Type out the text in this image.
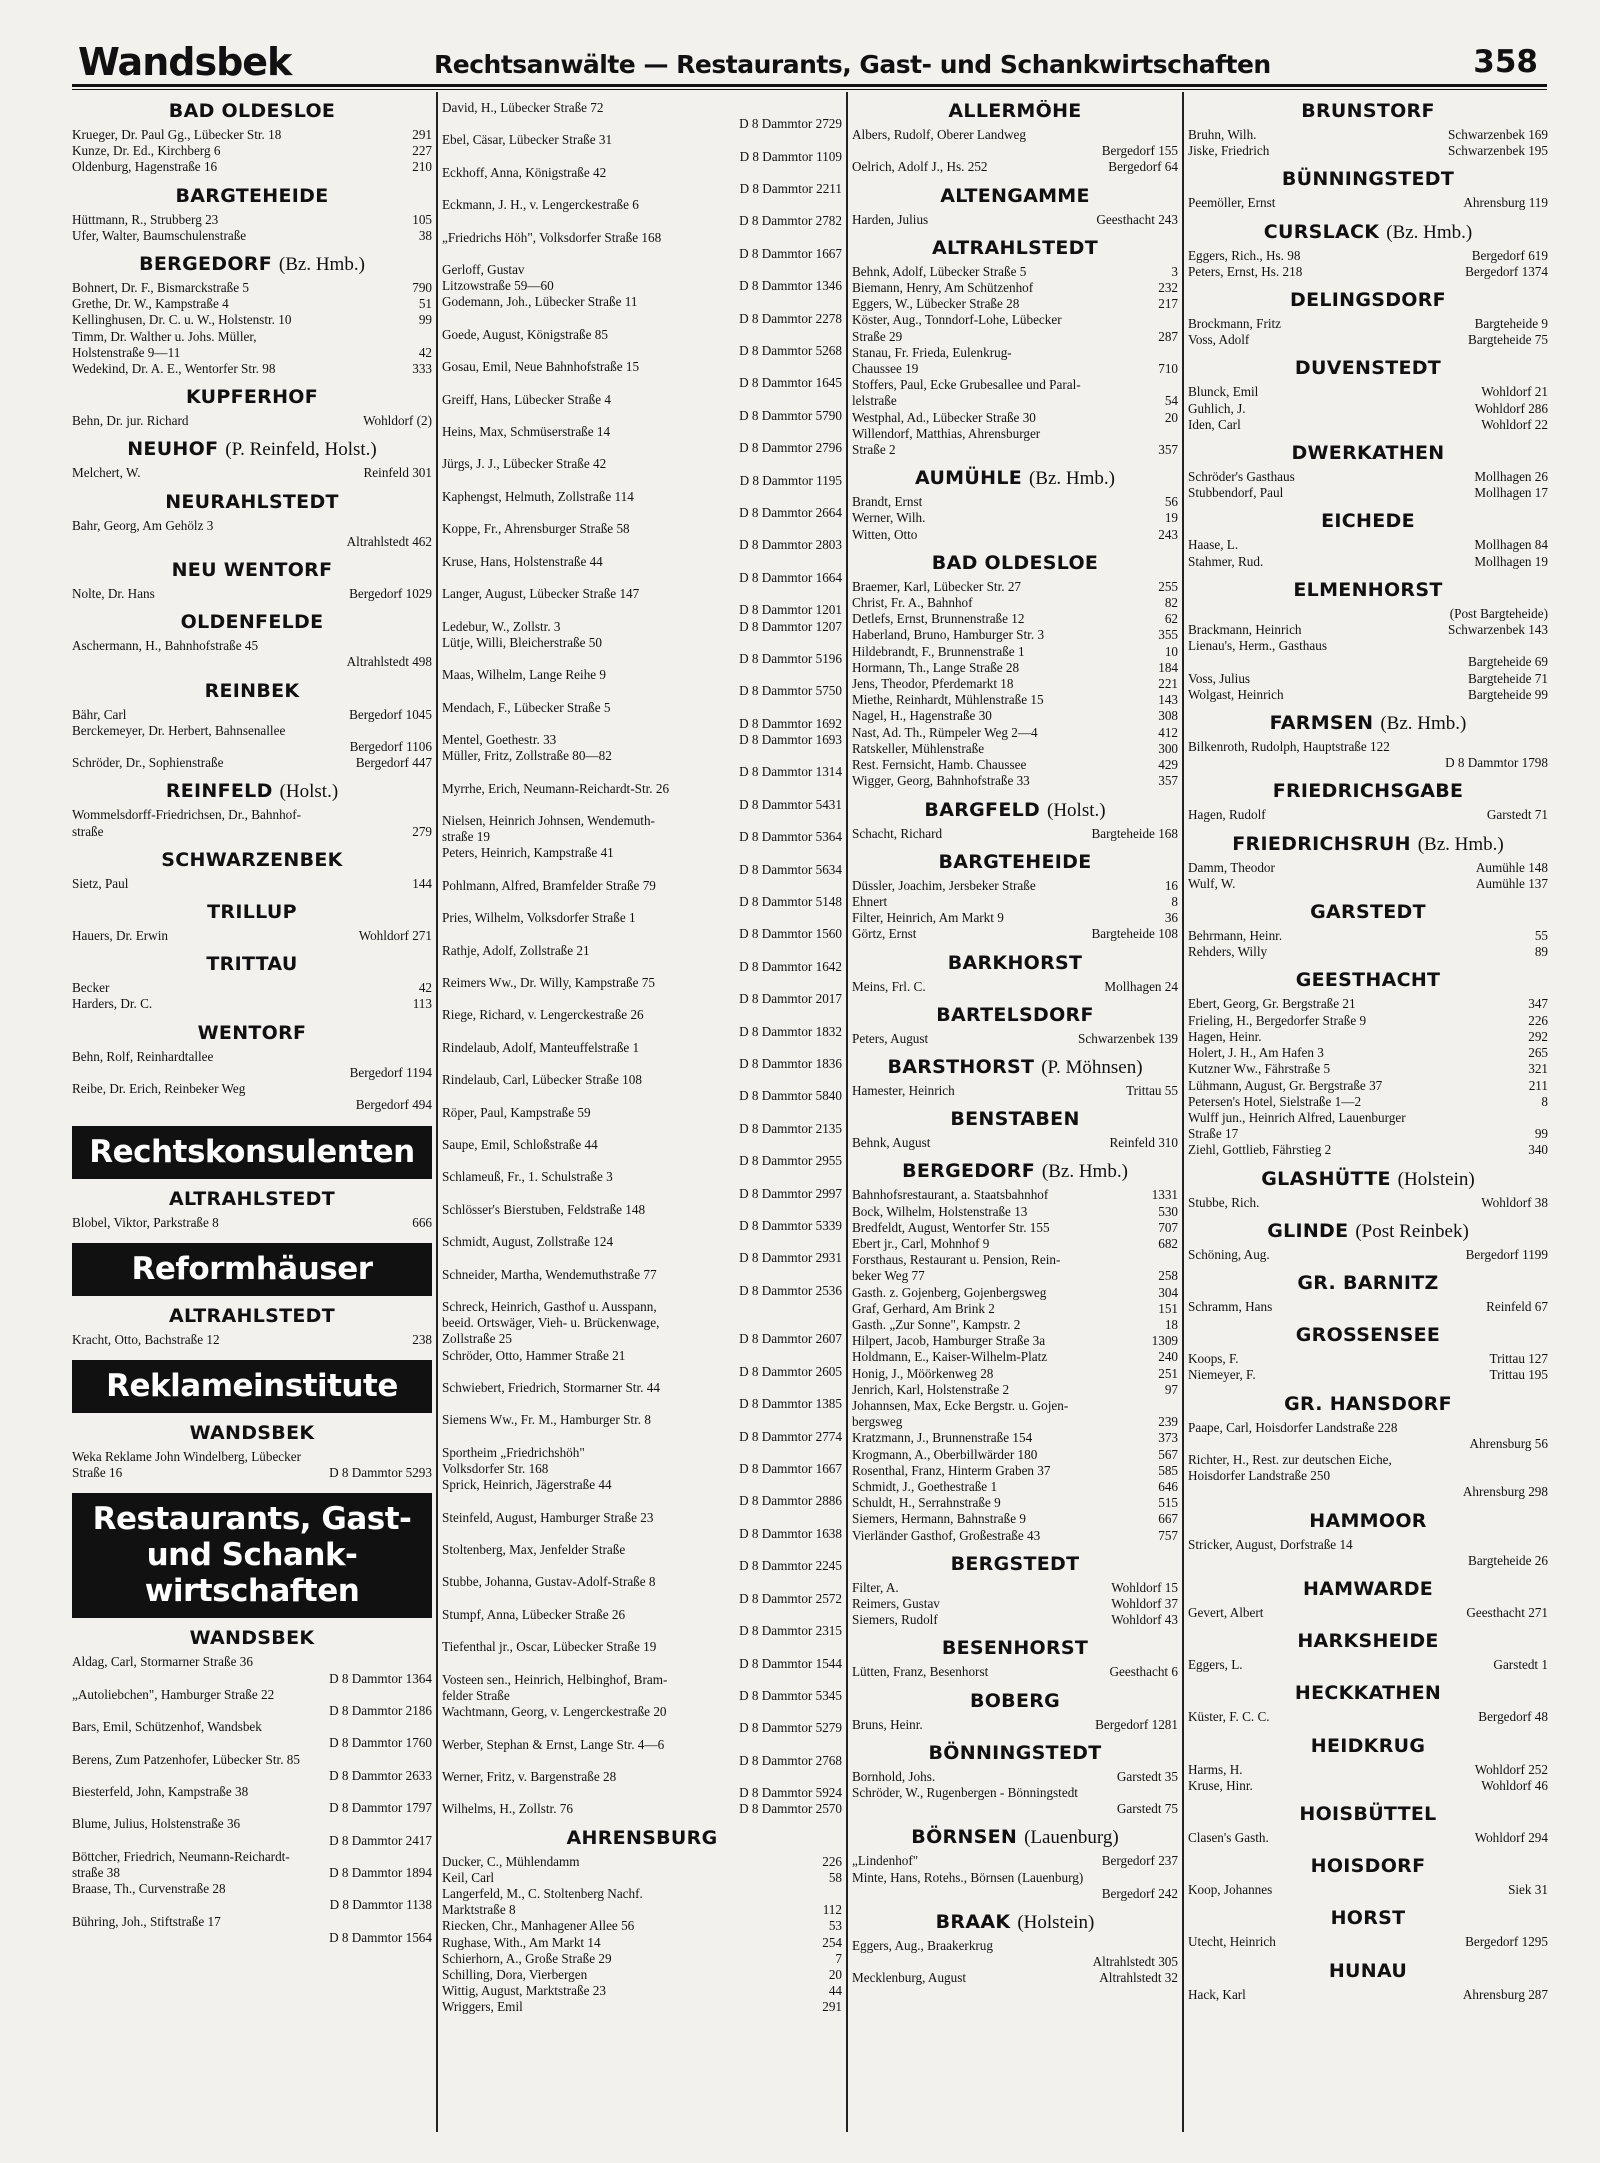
Wandsbek	Rechtsanwälte — Restaurants, Gast- und Schankwirtschaften	358
BAD OLDESLOE
Krueger, Dr. Paul Gg., Lübecker Str. 18	291
Kunze, Dr. Ed., Kirchberg 6	227
Oldenburg, Hagenstraße 16	210
BARGTEHEIDE
Hüttmann, R., Strubberg 23	105
Ufer, Walter, Baumschulenstraße	38
BERGEDORF (Bz. Hmb.)
Bohnert, Dr. F., Bismarckstraße 5	790
Grethe, Dr. W., Kampstraße 4	51
Kellinghusen, Dr. C. u. W., Holstenstr. 10	99
Timm, Dr. Walther u. Johs. Müller,
Holstenstraße 9—11	42
Wedekind, Dr. A. E., Wentorfer Str. 98	333
KUPFERHOF
Behn, Dr. jur. Richard	Wohldorf (2)
NEUHOF (P. Reinfeld, Holst.)
Melchert, W.	Reinfeld 301
NEURAHLSTEDT
Bahr, Georg, Am Gehölz 3
Altrahlstedt 462
NEU WENTORF
Nolte, Dr. Hans	Bergedorf 1029
OLDENFELDE
Aschermann, H., Bahnhofstraße 45
Altrahlstedt 498
REINBEK
Bähr, Carl	Bergedorf 1045
Berckemeyer, Dr. Herbert, Bahnsenallee
Bergedorf 1106
Schröder, Dr., Sophienstraße	Bergedorf 447
REINFELD (Holst.)
Wommelsdorff-Friedrichsen, Dr., Bahnhof-
straße	279
SCHWARZENBEK
Sietz, Paul	144
TRILLUP
Hauers, Dr. Erwin	Wohldorf 271
TRITTAU
Becker	42
Harders, Dr. C.	113
WENTORF
Behn, Rolf, Reinhardtallee
Bergedorf 1194
Reibe, Dr. Erich, Reinbeker Weg
Bergedorf 494
Rechtskonsulenten
ALTRAHLSTEDT
Blobel, Viktor, Parkstraße 8	666
Reformhäuser
ALTRAHLSTEDT
Kracht, Otto, Bachstraße 12	238
Reklameinstitute
WANDSBEK
Weka Reklame John Windelberg, Lübecker
Straße 16	D 8 Dammtor 5293
Restaurants, Gast- und Schank- wirtschaften
WANDSBEK
Aldag, Carl, Stormarner Straße 36
D 8 Dammtor 1364
„Autoliebchen", Hamburger Straße 22
D 8 Dammtor 2186
Bars, Emil, Schützenhof, Wandsbek
D 8 Dammtor 1760
Berens, Zum Patzenhofer, Lübecker Str. 85
D 8 Dammtor 2633
Biesterfeld, John, Kampstraße 38
D 8 Dammtor 1797
Blume, Julius, Holstenstraße 36
D 8 Dammtor 2417
Böttcher, Friedrich, Neumann-Reichardt-
straße 38	D 8 Dammtor 1894
Braase, Th., Curvenstraße 28
D 8 Dammtor 1138
Bühring, Joh., Stiftstraße 17
D 8 Dammtor 1564
David, H., Lübecker Straße 72
D 8 Dammtor 2729
Ebel, Cäsar, Lübecker Straße 31
D 8 Dammtor 1109
Eckhoff, Anna, Königstraße 42
D 8 Dammtor 2211
Eckmann, J. H., v. Lengerckestraße 6
D 8 Dammtor 2782
„Friedrichs Höh", Volksdorfer Straße 168
D 8 Dammtor 1667
Gerloff, Gustav
Litzowstraße 59—60	D 8 Dammtor 1346
Godemann, Joh., Lübecker Straße 11
D 8 Dammtor 2278
Goede, August, Königstraße 85
D 8 Dammtor 5268
Gosau, Emil, Neue Bahnhofstraße 15
D 8 Dammtor 1645
Greiff, Hans, Lübecker Straße 4
D 8 Dammtor 5790
Heins, Max, Schmüserstraße 14
D 8 Dammtor 2796
Jürgs, J. J., Lübecker Straße 42
D 8 Dammtor 1195
Kaphengst, Helmuth, Zollstraße 114
D 8 Dammtor 2664
Koppe, Fr., Ahrensburger Straße 58
D 8 Dammtor 2803
Kruse, Hans, Holstenstraße 44
D 8 Dammtor 1664
Langer, August, Lübecker Straße 147
D 8 Dammtor 1201
Ledebur, W., Zollstr. 3	D 8 Dammtor 1207
Lütje, Willi, Bleicherstraße 50
D 8 Dammtor 5196
Maas, Wilhelm, Lange Reihe 9
D 8 Dammtor 5750
Mendach, F., Lübecker Straße 5
D 8 Dammtor 1692
Mentel, Goethestr. 33	D 8 Dammtor 1693
Müller, Fritz, Zollstraße 80—82
D 8 Dammtor 1314
Myrrhe, Erich, Neumann-Reichardt-Str. 26
D 8 Dammtor 5431
Nielsen, Heinrich Johnsen, Wendemuth-
straße 19	D 8 Dammtor 5364
Peters, Heinrich, Kampstraße 41
D 8 Dammtor 5634
Pohlmann, Alfred, Bramfelder Straße 79
D 8 Dammtor 5148
Pries, Wilhelm, Volksdorfer Straße 1
D 8 Dammtor 1560
Rathje, Adolf, Zollstraße 21
D 8 Dammtor 1642
Reimers Ww., Dr. Willy, Kampstraße 75
D 8 Dammtor 2017
Riege, Richard, v. Lengerckestraße 26
D 8 Dammtor 1832
Rindelaub, Adolf, Manteuffelstraße 1
D 8 Dammtor 1836
Rindelaub, Carl, Lübecker Straße 108
D 8 Dammtor 5840
Röper, Paul, Kampstraße 59
D 8 Dammtor 2135
Saupe, Emil, Schloßstraße 44
D 8 Dammtor 2955
Schlameuß, Fr., 1. Schulstraße 3
D 8 Dammtor 2997
Schlösser's Bierstuben, Feldstraße 148
D 8 Dammtor 5339
Schmidt, August, Zollstraße 124
D 8 Dammtor 2931
Schneider, Martha, Wendemuthstraße 77
D 8 Dammtor 2536
Schreck, Heinrich, Gasthof u. Ausspann,
beeid. Ortswäger, Vieh- u. Brückenwage,
Zollstraße 25	D 8 Dammtor 2607
Schröder, Otto, Hammer Straße 21
D 8 Dammtor 2605
Schwiebert, Friedrich, Stormarner Str. 44
D 8 Dammtor 1385
Siemens Ww., Fr. M., Hamburger Str. 8
D 8 Dammtor 2774
Sportheim „Friedrichshöh"
Volksdorfer Str. 168	D 8 Dammtor 1667
Sprick, Heinrich, Jägerstraße 44
D 8 Dammtor 2886
Steinfeld, August, Hamburger Straße 23
D 8 Dammtor 1638
Stoltenberg, Max, Jenfelder Straße
D 8 Dammtor 2245
Stubbe, Johanna, Gustav-Adolf-Straße 8
D 8 Dammtor 2572
Stumpf, Anna, Lübecker Straße 26
D 8 Dammtor 2315
Tiefenthal jr., Oscar, Lübecker Straße 19
D 8 Dammtor 1544
Vosteen sen., Heinrich, Helbinghof, Bram-
felder Straße	D 8 Dammtor 5345
Wachtmann, Georg, v. Lengerckestraße 20
D 8 Dammtor 5279
Werber, Stephan & Ernst, Lange Str. 4—6
D 8 Dammtor 2768
Werner, Fritz, v. Bargenstraße 28
D 8 Dammtor 5924
Wilhelms, H., Zollstr. 76	D 8 Dammtor 2570
AHRENSBURG
Ducker, C., Mühlendamm	226
Keil, Carl	58
Langerfeld, M., C. Stoltenberg Nachf.
Marktstraße 8	112
Riecken, Chr., Manhagener Allee 56	53
Rughase, With., Am Markt 14	254
Schierhorn, A., Große Straße 29	7
Schilling, Dora, Vierbergen	20
Wittig, August, Marktstraße 23	44
Wriggers, Emil	291
ALLERMÖHE
Albers, Rudolf, Oberer Landweg
Bergedorf 155
Oelrich, Adolf J., Hs. 252	Bergedorf 64
ALTENGAMME
Harden, Julius	Geesthacht 243
ALTRAHLSTEDT
Behnk, Adolf, Lübecker Straße 5	3
Biemann, Henry, Am Schützenhof	232
Eggers, W., Lübecker Straße 28	217
Köster, Aug., Tonndorf-Lohe, Lübecker
Straße 29	287
Stanau, Fr. Frieda, Eulenkrug-
Chaussee 19	710
Stoffers, Paul, Ecke Grubesallee und Paral-
lelstraße	54
Westphal, Ad., Lübecker Straße 30	20
Willendorf, Matthias, Ahrensburger
Straße 2	357
AUMÜHLE (Bz. Hmb.)
Brandt, Ernst	56
Werner, Wilh.	19
Witten, Otto	243
BAD OLDESLOE
Braemer, Karl, Lübecker Str. 27	255
Christ, Fr. A., Bahnhof	82
Detlefs, Ernst, Brunnenstraße 12	62
Haberland, Bruno, Hamburger Str. 3	355
Hildebrandt, F., Brunnenstraße 1	10
Hormann, Th., Lange Straße 28	184
Jens, Theodor, Pferdemarkt 18	221
Miethe, Reinhardt, Mühlenstraße 15	143
Nagel, H., Hagenstraße 30	308
Nast, Ad. Th., Rümpeler Weg 2—4	412
Ratskeller, Mühlenstraße	300
Rest. Fernsicht, Hamb. Chaussee	429
Wigger, Georg, Bahnhofstraße 33	357
BARGFELD (Holst.)
Schacht, Richard	Bargteheide 168
BARGTEHEIDE
Düssler, Joachim, Jersbeker Straße	16
Ehnert	8
Filter, Heinrich, Am Markt 9	36
Görtz, Ernst	Bargteheide 108
BARKHORST
Meins, Frl. C.	Mollhagen 24
BARTELSDORF
Peters, August	Schwarzenbek 139
BARSTHORST (P. Möhnsen)
Hamester, Heinrich	Trittau 55
BENSTABEN
Behnk, August	Reinfeld 310
BERGEDORF (Bz. Hmb.)
Bahnhofsrestaurant, a. Staatsbahnhof	1331
Bock, Wilhelm, Holstenstraße 13	530
Bredfeldt, August, Wentorfer Str. 155	707
Ebert jr., Carl, Mohnhof 9	682
Forsthaus, Restaurant u. Pension, Rein-
beker Weg 77	258
Gasth. z. Gojenberg, Gojenbergsweg	304
Graf, Gerhard, Am Brink 2	151
Gasth. „Zur Sonne", Kampstr. 2	18
Hilpert, Jacob, Hamburger Straße 3a	1309
Holdmann, E., Kaiser-Wilhelm-Platz	240
Honig, J., Möörkenweg 28	251
Jenrich, Karl, Holstenstraße 2	97
Johannsen, Max, Ecke Bergstr. u. Gojen-
bergsweg	239
Kratzmann, J., Brunnenstraße 154	373
Krogmann, A., Oberbillwärder 180	567
Rosenthal, Franz, Hinterm Graben 37	585
Schmidt, J., Goethestraße 1	646
Schuldt, H., Serrahnstraße 9	515
Siemers, Hermann, Bahnstraße 9	667
Vierländer Gasthof, Großestraße 43	757
BERGSTEDT
Filter, A.	Wohldorf 15
Reimers, Gustav	Wohldorf 37
Siemers, Rudolf	Wohldorf 43
BESENHORST
Lütten, Franz, Besenhorst	Geesthacht 6
BOBERG
Bruns, Heinr.	Bergedorf 1281
BÖNNINGSTEDT
Bornhold, Johs.	Garstedt 35
Schröder, W., Rugenbergen - Bönningstedt
Garstedt 75
BÖRNSEN (Lauenburg)
„Lindenhof"	Bergedorf 237
Minte, Hans, Rotehs., Börnsen (Lauenburg)
Bergedorf 242
BRAAK (Holstein)
Eggers, Aug., Braakerkrug
Altrahlstedt 305
Mecklenburg, August	Altrahlstedt 32
BRUNSTORF
Bruhn, Wilh.	Schwarzenbek 169
Jiske, Friedrich	Schwarzenbek 195
BÜNNINGSTEDT
Peemöller, Ernst	Ahrensburg 119
CURSLACK (Bz. Hmb.)
Eggers, Rich., Hs. 98	Bergedorf 619
Peters, Ernst, Hs. 218	Bergedorf 1374
DELINGSDORF
Brockmann, Fritz	Bargteheide 9
Voss, Adolf	Bargteheide 75
DUVENSTEDT
Blunck, Emil	Wohldorf 21
Guhlich, J.	Wohldorf 286
Iden, Carl	Wohldorf 22
DWERKATHEN
Schröder's Gasthaus	Mollhagen 26
Stubbendorf, Paul	Mollhagen 17
EICHEDE
Haase, L.	Mollhagen 84
Stahmer, Rud.	Mollhagen 19
ELMENHORST
(Post Bargteheide)
Brackmann, Heinrich	Schwarzenbek 143
Lienau's, Herm., Gasthaus
Bargteheide 69
Voss, Julius	Bargteheide 71
Wolgast, Heinrich	Bargteheide 99
FARMSEN (Bz. Hmb.)
Bilkenroth, Rudolph, Hauptstraße 122
D 8 Dammtor 1798
FRIEDRICHSGABE
Hagen, Rudolf	Garstedt 71
FRIEDRICHSRUH (Bz. Hmb.)
Damm, Theodor	Aumühle 148
Wulf, W.	Aumühle 137
GARSTEDT
Behrmann, Heinr.	55
Rehders, Willy	89
GEESTHACHT
Ebert, Georg, Gr. Bergstraße 21	347
Frieling, H., Bergedorfer Straße 9	226
Hagen, Heinr.	292
Holert, J. H., Am Hafen 3	265
Kutzner Ww., Fährstraße 5	321
Lühmann, August, Gr. Bergstraße 37	211
Petersen's Hotel, Sielstraße 1—2	8
Wulff jun., Heinrich Alfred, Lauenburger
Straße 17	99
Ziehl, Gottlieb, Fährstieg 2	340
GLASHÜTTE (Holstein)
Stubbe, Rich.	Wohldorf 38
GLINDE (Post Reinbek)
Schöning, Aug.	Bergedorf 1199
GR. BARNITZ
Schramm, Hans	Reinfeld 67
GROSSENSEE
Koops, F.	Trittau 127
Niemeyer, F.	Trittau 195
GR. HANSDORF
Paape, Carl, Hoisdorfer Landstraße 228
Ahrensburg 56
Richter, H., Rest. zur deutschen Eiche,
Hoisdorfer Landstraße 250
Ahrensburg 298
HAMMOOR
Stricker, August, Dorfstraße 14
Bargteheide 26
HAMWARDE
Gevert, Albert	Geesthacht 271
HARKSHEIDE
Eggers, L.	Garstedt 1
HECKKATHEN
Küster, F. C. C.	Bergedorf 48
HEIDKRUG
Harms, H.	Wohldorf 252
Kruse, Hinr.	Wohldorf 46
HOISBÜTTEL
Clasen's Gasth.	Wohldorf 294
HOISDORF
Koop, Johannes	Siek 31
HORST
Utecht, Heinrich	Bergedorf 1295
HUNAU
Hack, Karl	Ahrensburg 287
